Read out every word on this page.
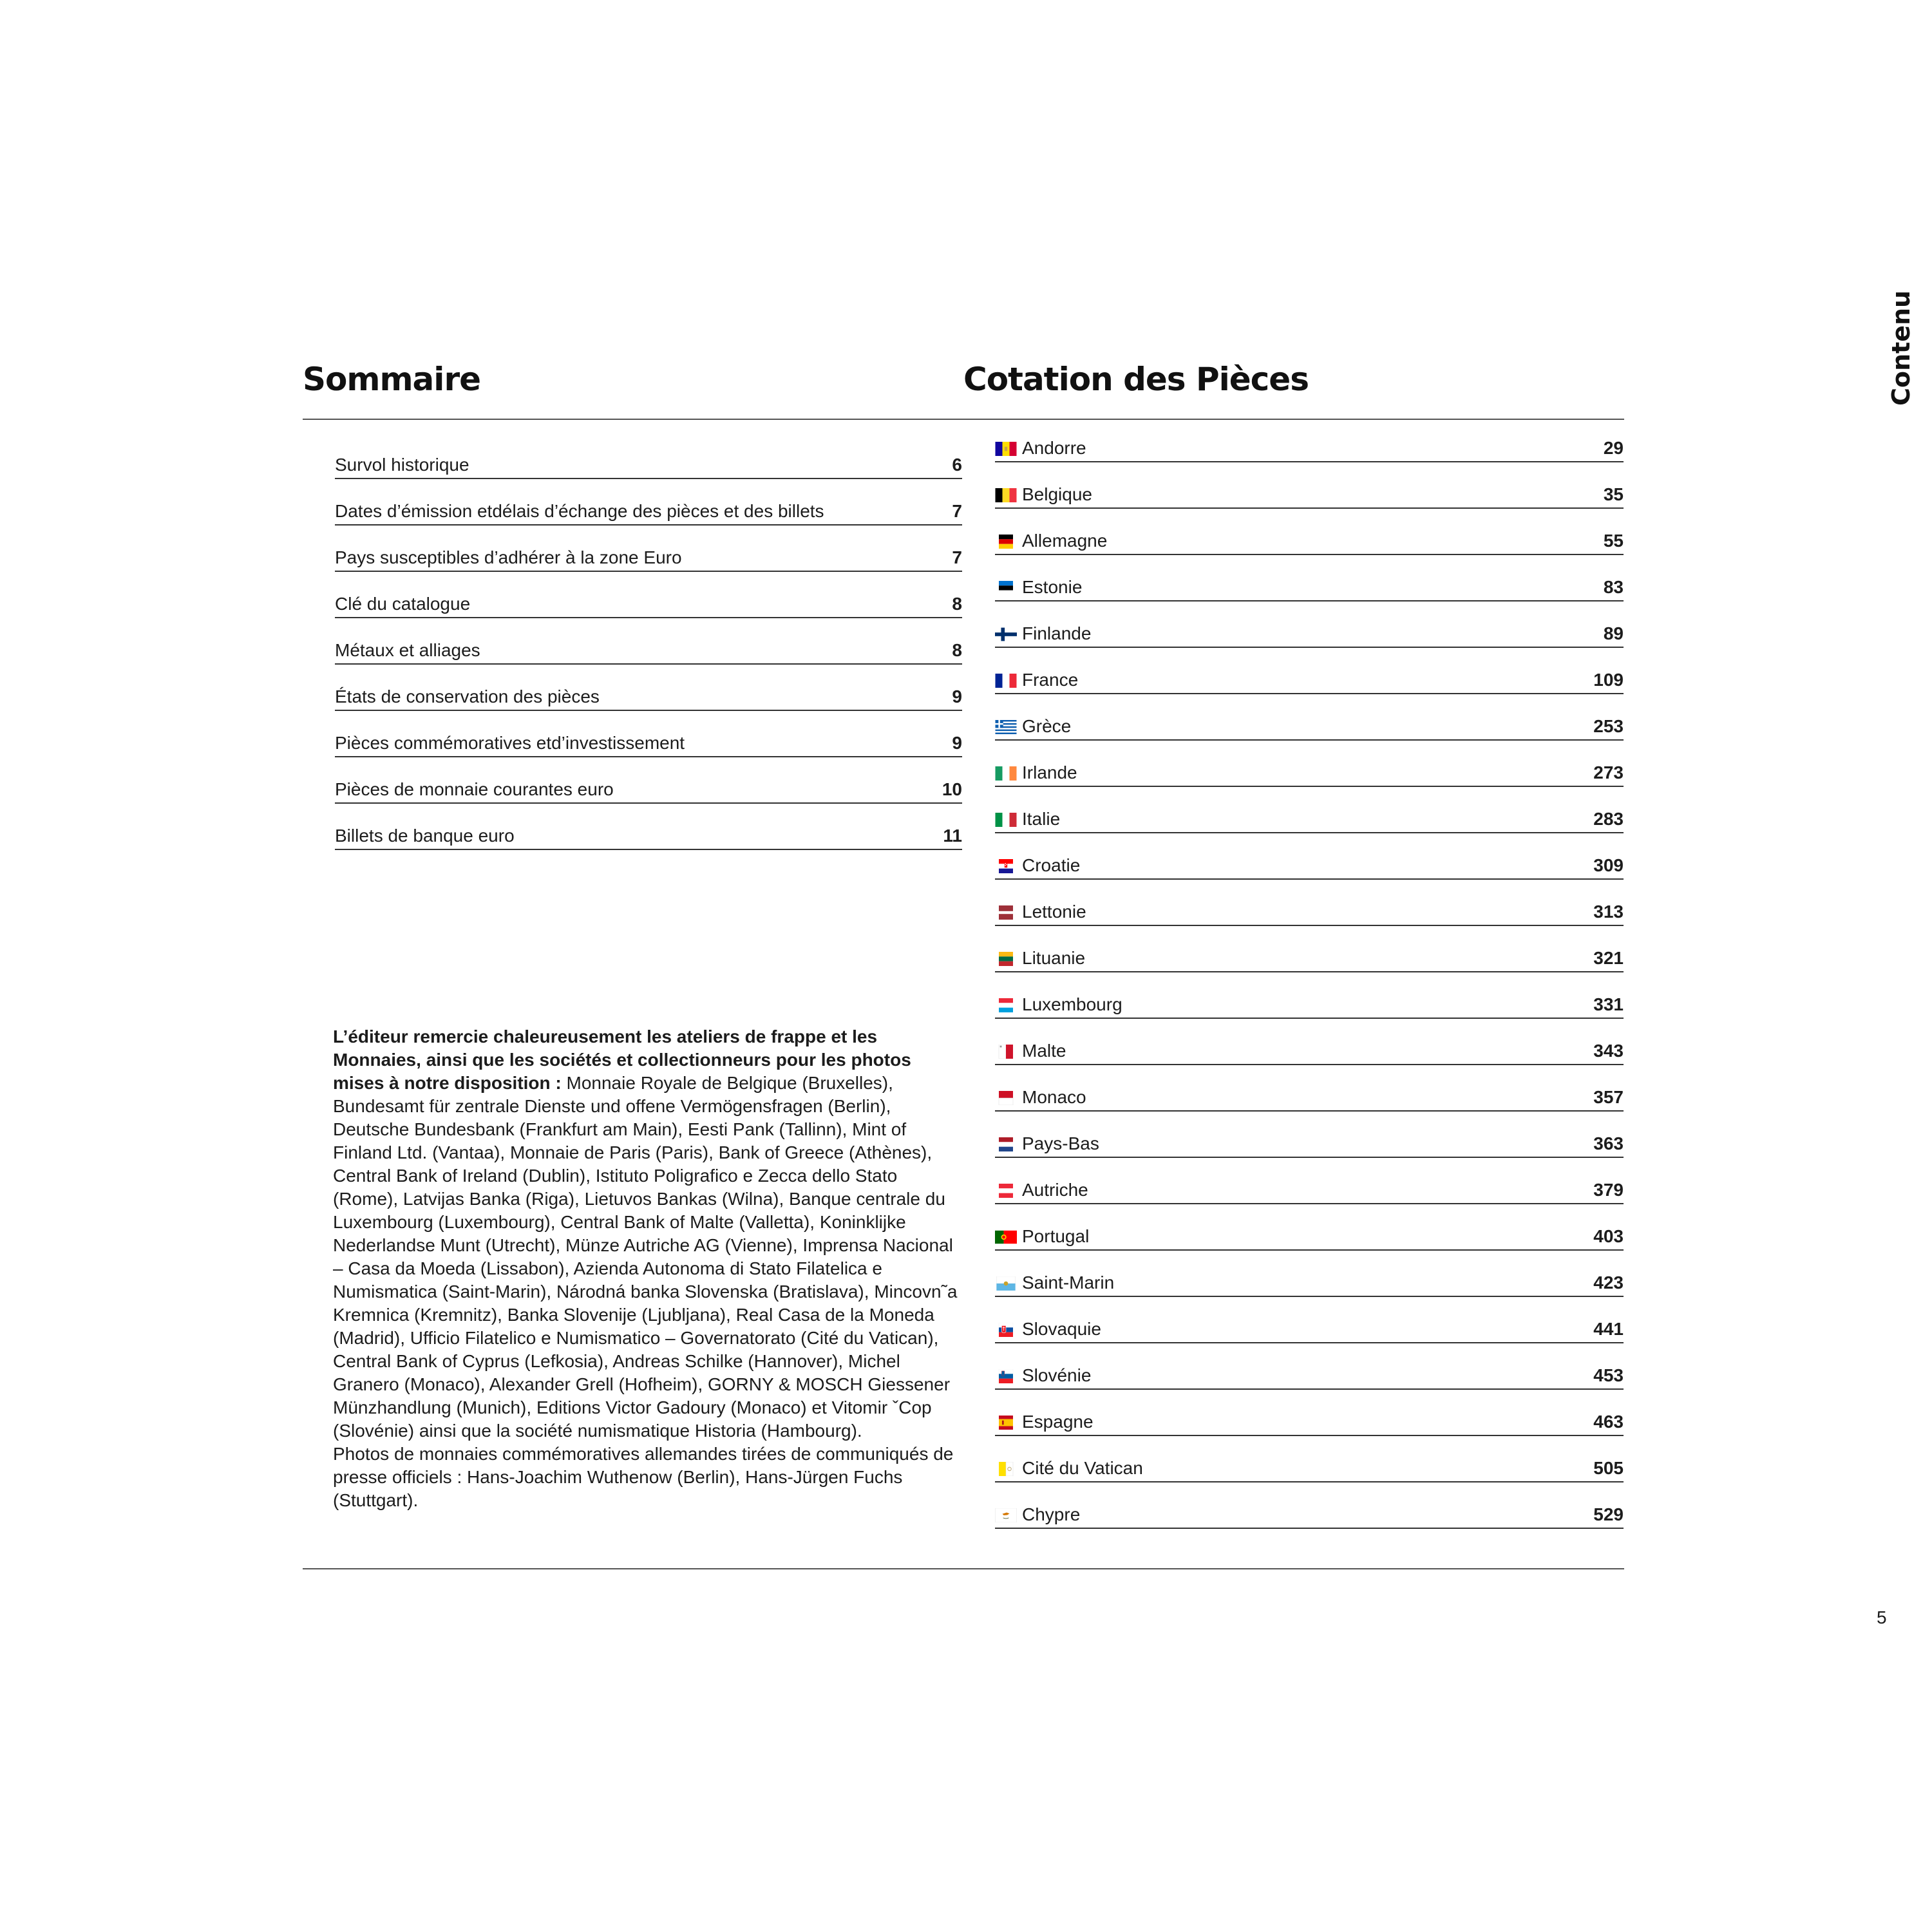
Sommaire	Cotation des Pièces	Contenu
Survol historique	6
Dates d’émission etdélais d’échange des pièces et des billets	7
Pays susceptibles d’adhérer à la zone Euro	7
Clé du catalogue	8
Métaux et alliages	8
États de conservation des pièces	9
Pièces commémoratives etd’investissement	9
Pièces de monnaie courantes euro	10
Billets de banque euro	11
Andorre	29
Belgique	35
Allemagne	55
Estonie	83
Finlande	89
France	109
Grèce	253
Irlande	273
Italie	283
Croatie	309
Lettonie	313
Lituanie	321
Luxembourg	331
Malte	343
Monaco	357
Pays-Bas	363
Autriche	379
Portugal	403
Saint-Marin	423
Slovaquie	441
Slovénie	453
Espagne	463
Cité du Vatican	505
Chypre	529

L’éditeur remercie chaleureusement les ateliers de frappe et les Monnaies, ainsi que les sociétés et collectionneurs pour les photos mises à notre disposition : Monnaie Royale de Belgique (Bruxelles), Bundesamt für zentrale Dienste und offene Vermögensfragen (Berlin), Deutsche Bundesbank (Frankfurt am Main), Eesti Pank (Tallinn), Mint of Finland Ltd. (Vantaa), Monnaie de Paris (Paris), Bank of Greece (Athènes), Central Bank of Ireland (Dublin), Istituto Poligrafico e Zecca dello Stato (Rome), Latvijas Banka (Riga), Lietuvos Bankas (Wilna), Banque centrale du Luxembourg (Luxembourg), Central Bank of Malte (Valletta), Koninklijke Nederlandse Munt (Utrecht), Münze Autriche AG (Vienne), Imprensa Nacional – Casa da Moeda (Lissabon), Azienda Autonoma di Stato Filatelica e Numismatica (Saint-Marin), Národná banka Slovenska (Bratislava), Mincovn˜a Kremnica (Kremnitz), Banka Slovenije (Ljubljana), Real Casa de la Moneda (Madrid), Ufficio Filatelico e Numismatico – Governatorato (Cité du Vatican), Central Bank of Cyprus (Lefkosia), Andreas Schilke (Hannover), Michel Granero (Monaco), Alexander Grell (Hofheim), GORNY & MOSCH Giessener Münzhandlung (Munich), Editions Victor Gadoury (Monaco) et Vitomir ˇCop (Slovénie) ainsi que la société numismatique Historia (Hambourg).

Photos de monnaies commémoratives allemandes tirées de communiqués de presse officiels : Hans-Joachim Wuthenow (Berlin), Hans-Jürgen Fuchs (Stuttgart).

5
